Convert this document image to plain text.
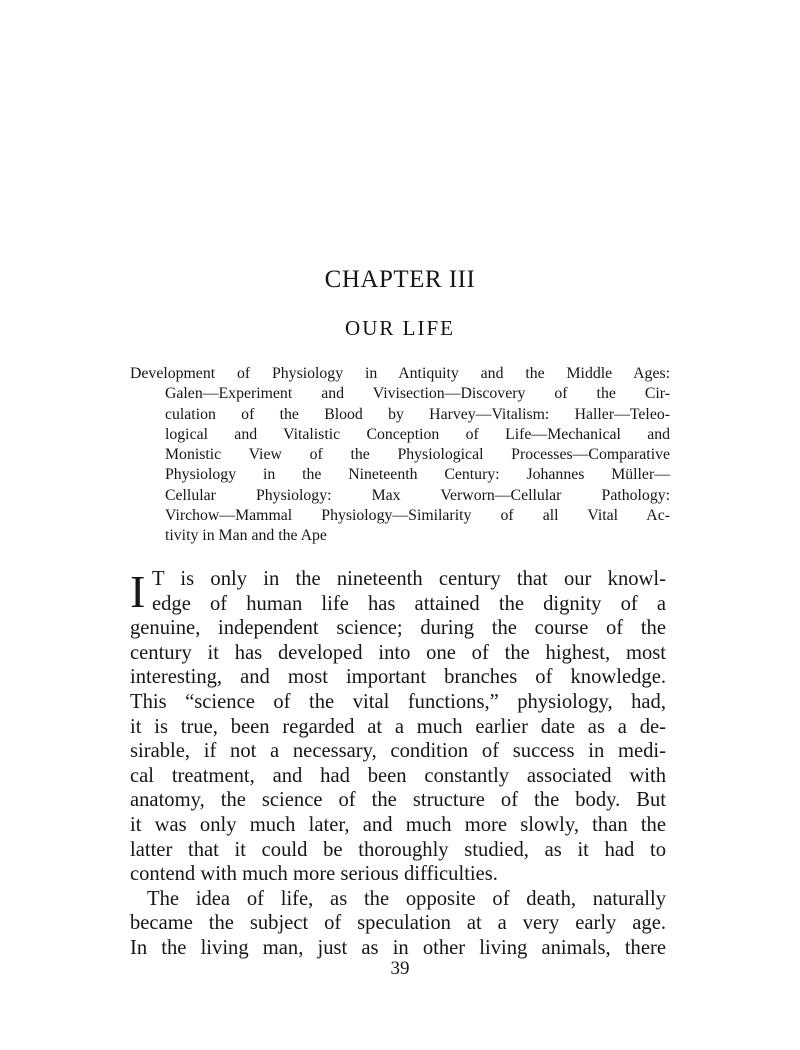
CHAPTER III
OUR LIFE
Development of Physiology in Antiquity and the Middle Ages:
Galen—Experiment and Vivisection—Discovery of the Cir-
culation of the Blood by Harvey—Vitalism: Haller—Teleo-
logical and Vitalistic Conception of Life—Mechanical and
Monistic View of the Physiological Processes—Comparative
Physiology in the Nineteenth Century: Johannes Müller—
Cellular Physiology: Max Verworn—Cellular Pathology:
Virchow—Mammal Physiology—Similarity of all Vital Ac-
tivity in Man and the Ape
I T is only in the nineteenth century that our knowl-
edge of human life has attained the dignity of a
genuine, independent science; during the course of the
century it has developed into one of the highest, most
interesting, and most important branches of knowledge.
This “science of the vital functions,” physiology, had,
it is true, been regarded at a much earlier date as a de-
sirable, if not a necessary, condition of success in medi-
cal treatment, and had been constantly associated with
anatomy, the science of the structure of the body. But
it was only much later, and much more slowly, than the
latter that it could be thoroughly studied, as it had to
contend with much more serious difficulties.
The idea of life, as the opposite of death, naturally
became the subject of speculation at a very early age.
In the living man, just as in other living animals, there
39
